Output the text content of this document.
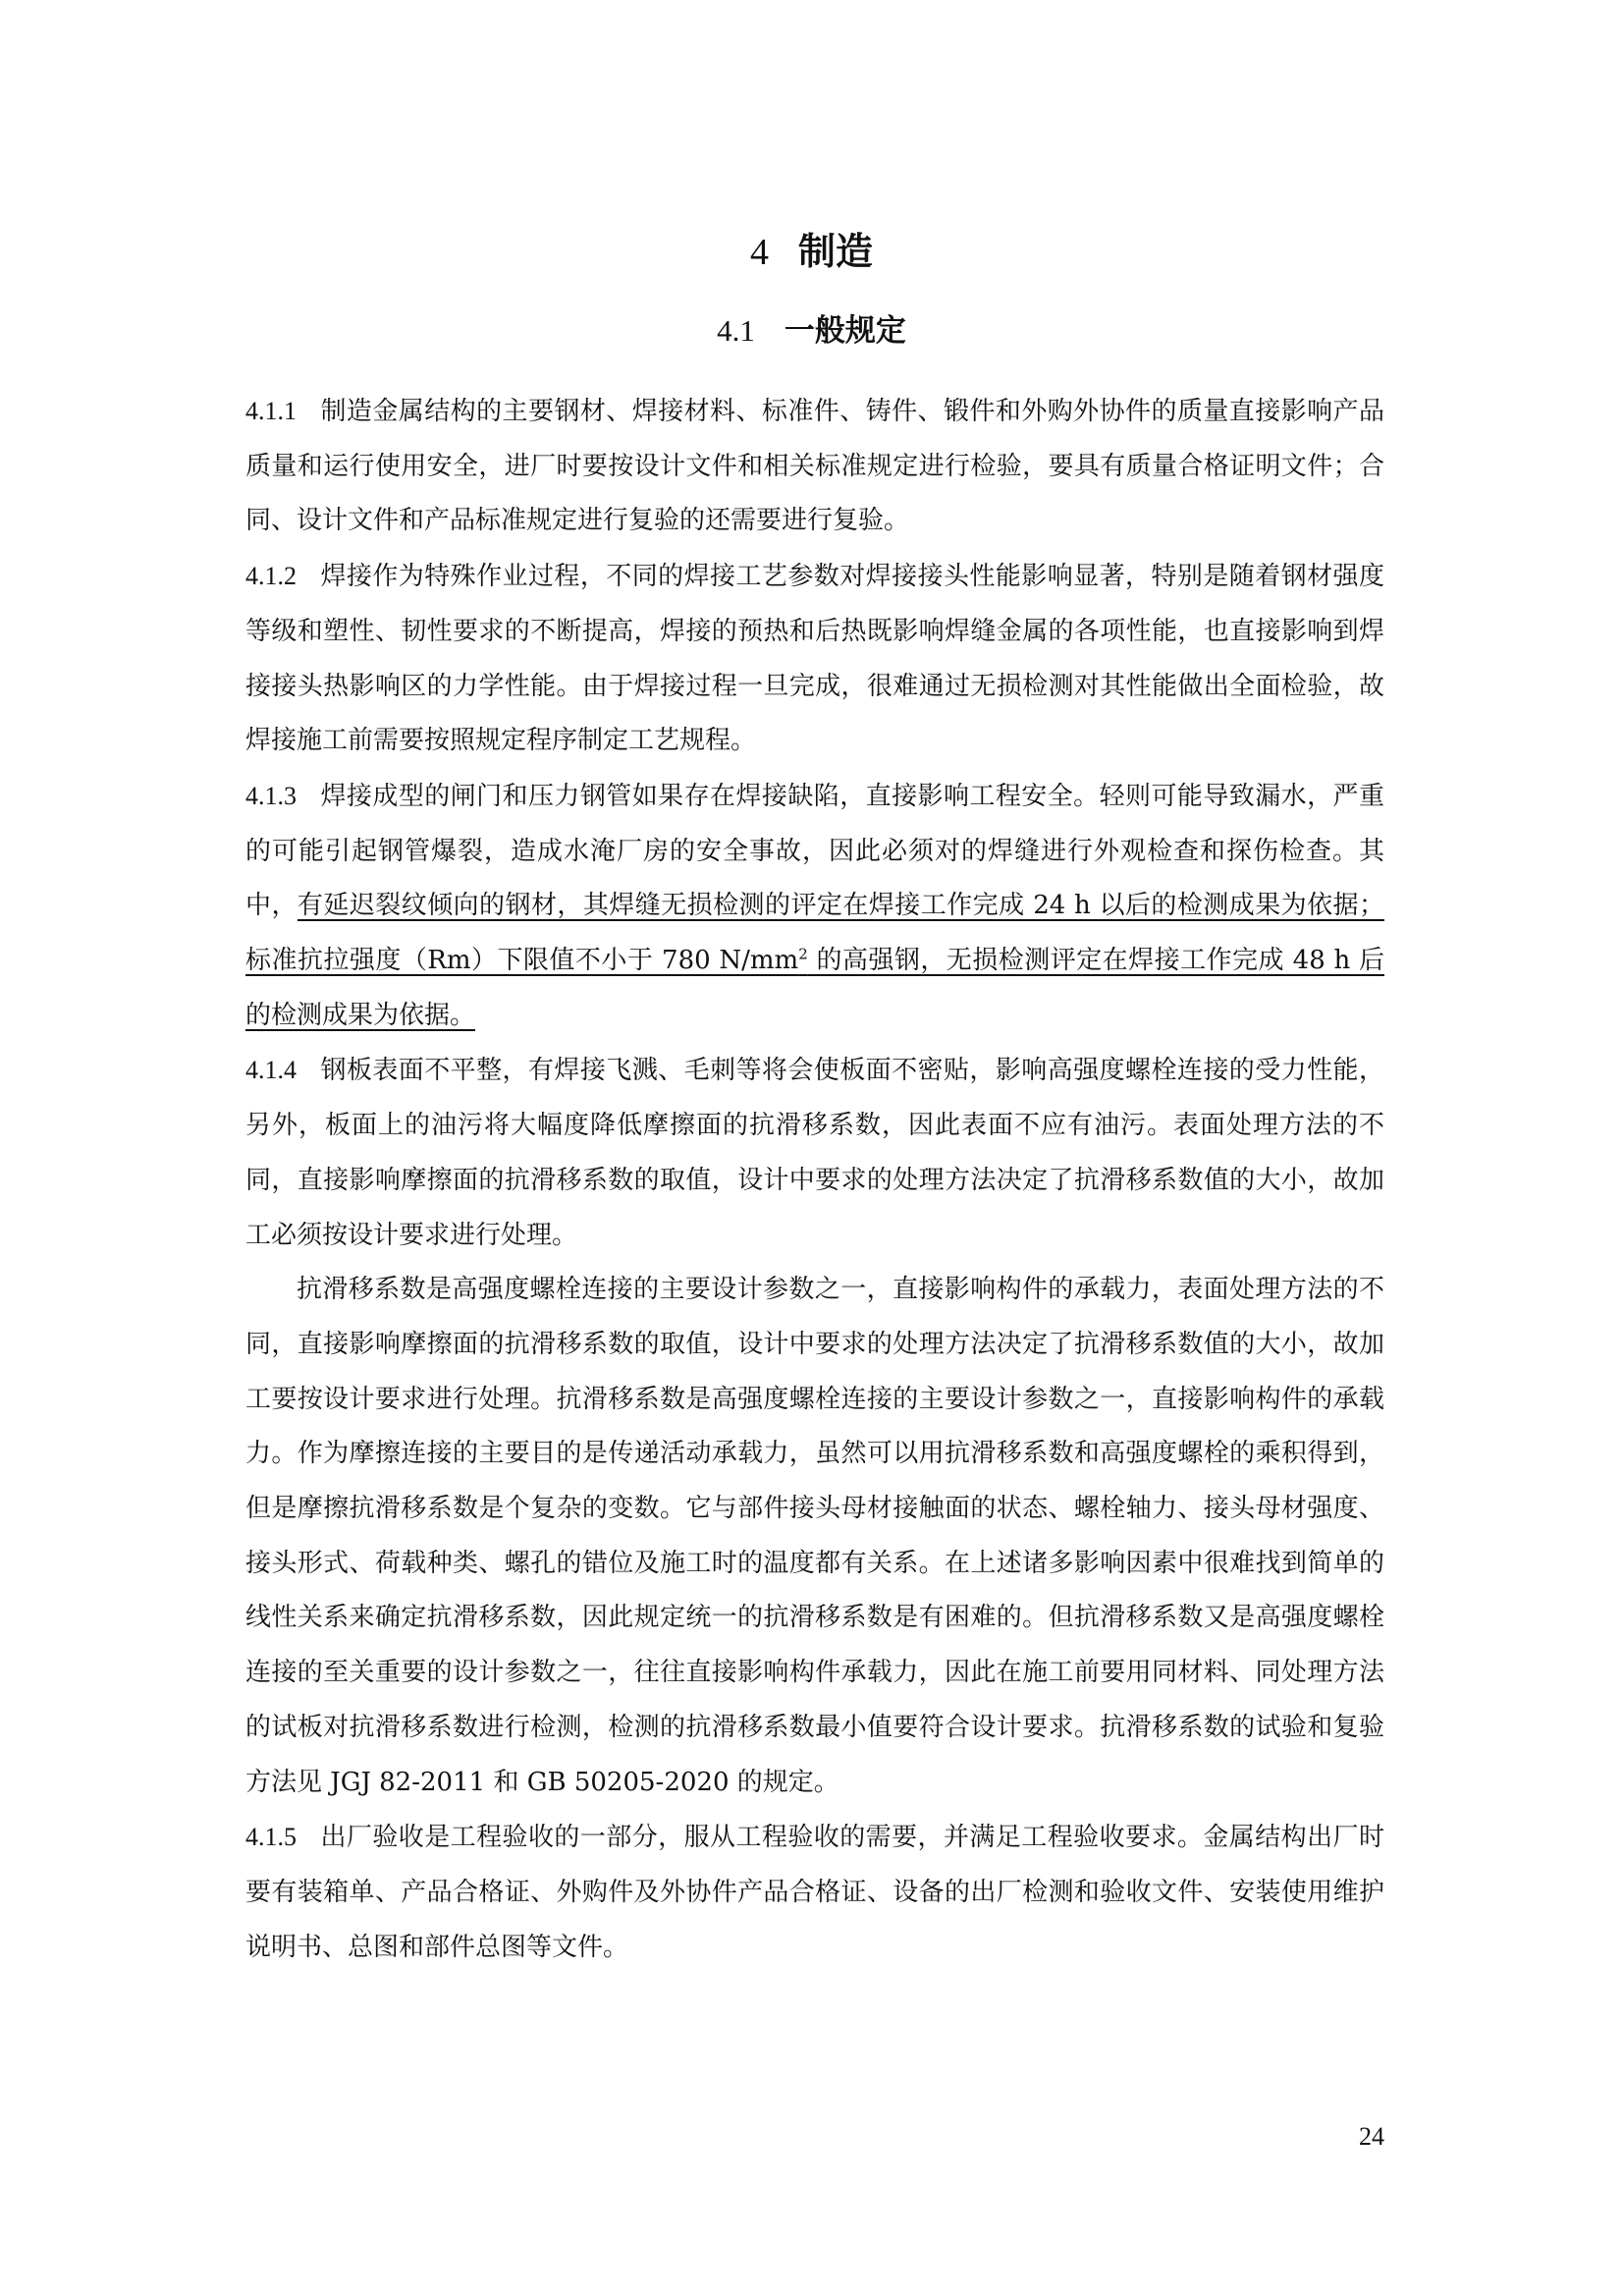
4 制造
4.1 一般规定

4.1.1 制造金属结构的主要钢材、焊接材料、标准件、铸件、锻件和外购外协件的质量直接影响产品质量和运行使用安全，进厂时要按设计文件和相关标准规定进行检验，要具有质量合格证明文件；合同、设计文件和产品标准规定进行复验的还需要进行复验。

4.1.2 焊接作为特殊作业过程，不同的焊接工艺参数对焊接接头性能影响显著，特别是随着钢材强度等级和塑性、韧性要求的不断提高，焊接的预热和后热既影响焊缝金属的各项性能，也直接影响到焊接接头热影响区的力学性能。由于焊接过程一旦完成，很难通过无损检测对其性能做出全面检验，故焊接施工前需要按照规定程序制定工艺规程。

4.1.3 焊接成型的闸门和压力钢管如果存在焊接缺陷，直接影响工程安全。轻则可能导致漏水，严重的可能引起钢管爆裂，造成水淹厂房的安全事故，因此必须对的焊缝进行外观检查和探伤检查。其中，有延迟裂纹倾向的钢材，其焊缝无损检测的评定在焊接工作完成 24 h 以后的检测成果为依据；标准抗拉强度（Rm）下限值不小于 780 $N/mm^2$ 的高强钢，无损检测评定在焊接工作完成 48 h 后的检测成果为依据。

4.1.4 钢板表面不平整，有焊接飞溅、毛刺等将会使板面不密贴，影响高强度螺栓连接的受力性能，另外，板面上的油污将大幅度降低摩擦面的抗滑移系数，因此表面不应有油污。表面处理方法的不同，直接影响摩擦面的抗滑移系数的取值，设计中要求的处理方法决定了抗滑移系数值的大小，故加工必须按设计要求进行处理。

抗滑移系数是高强度螺栓连接的主要设计参数之一，直接影响构件的承载力，表面处理方法的不同，直接影响摩擦面的抗滑移系数的取值，设计中要求的处理方法决定了抗滑移系数值的大小，故加工要按设计要求进行处理。抗滑移系数是高强度螺栓连接的主要设计参数之一，直接影响构件的承载力。作为摩擦连接的主要目的是传递活动承载力，虽然可以用抗滑移系数和高强度螺栓的乘积得到，但是摩擦抗滑移系数是个复杂的变数。它与部件接头母材接触面的状态、螺栓轴力、接头母材强度、接头形式、荷载种类、螺孔的错位及施工时的温度都有关系。在上述诸多影响因素中很难找到简单的线性关系来确定抗滑移系数，因此规定统一的抗滑移系数是有困难的。但抗滑移系数又是高强度螺栓连接的至关重要的设计参数之一，往往直接影响构件承载力，因此在施工前要用同材料、同处理方法的试板对抗滑移系数进行检测，检测的抗滑移系数最小值要符合设计要求。抗滑移系数的试验和复验方法见 JGJ 82-2011 和 GB 50205-2020 的规定。

4.1.5 出厂验收是工程验收的一部分，服从工程验收的需要，并满足工程验收要求。金属结构出厂时要有装箱单、产品合格证、外购件及外协件产品合格证、设备的出厂检测和验收文件、安装使用维护说明书、总图和部件总图等文件。

24
